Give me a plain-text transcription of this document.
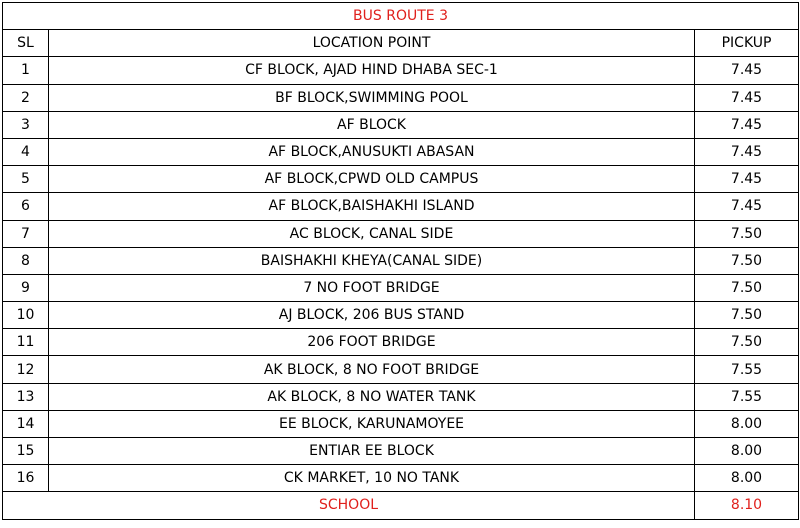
BUS ROUTE 3		
SL	LOCATION POINT	PICKUP
1	CF BLOCK, AJAD HIND DHABA SEC-1	7.45
2	BF BLOCK,SWIMMING POOL	7.45
3	AF BLOCK	7.45
4	AF BLOCK,ANUSUKTI ABASAN	7.45
5	AF BLOCK,CPWD OLD CAMPUS	7.45
6	AF BLOCK,BAISHAKHI ISLAND	7.45
7	AC BLOCK, CANAL SIDE	7.50
8	BAISHAKHI KHEYA(CANAL SIDE)	7.50
9	7 NO FOOT BRIDGE	7.50
10	AJ BLOCK, 206 BUS STAND	7.50
11	206 FOOT BRIDGE	7.50
12	AK BLOCK, 8 NO FOOT BRIDGE	7.55
13	AK BLOCK, 8 NO WATER TANK	7.55
14	EE BLOCK, KARUNAMOYEE	8.00
15	ENTIAR EE BLOCK	8.00
16	CK MARKET, 10 NO TANK	8.00
SCHOOL		8.10
